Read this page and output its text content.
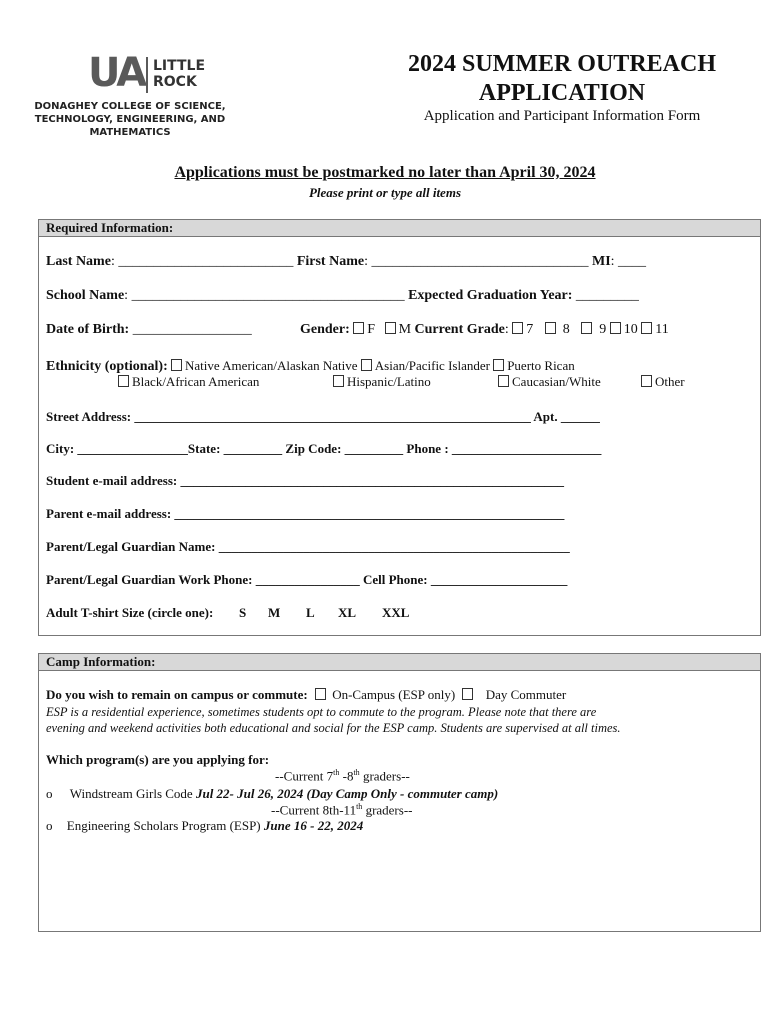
UA LITTLE
ROCK
DONAGHEY COLLEGE OF SCIENCE, TECHNOLOGY, ENGINEERING, AND MATHEMATICS
2024 SUMMER OUTREACH APPLICATION
Application and Participant Information Form
Applications must be postmarked no later than April 30, 2024
Please print or type all items
Required Information:
Last Name: _________________________ First Name: _______________________________ MI: ____
School Name: _______________________________________ Expected Graduation Year: _________
Date of Birth: _________________	Gender: F M Current Grade: 7 8 9 10 11
Ethnicity (optional): Native American/Alaskan Native Asian/Pacific Islander Puerto Rican
Black/African American	Hispanic/Latino	Caucasian/White	Other
Street Address: _____________________________________________________________ Apt. ______
City: _________________State: _________ Zip Code: _________ Phone : _______________________
Student e-mail address: ___________________________________________________________
Parent e-mail address: ____________________________________________________________
Parent/Legal Guardian Name: ______________________________________________________
Parent/Legal Guardian Work Phone: ________________ Cell Phone: _____________________
Adult T-shirt Size (circle one): S M L XL XXL
Camp Information:
Do you wish to remain on campus or commute: On-Campus (ESP only) Day Commuter
ESP is a residential experience, sometimes students opt to commute to the program. Please note that there are
evening and weekend activities both educational and social for the ESP camp. Students are supervised at all times.
Which program(s) are you applying for:
--Current 7th -8th graders--
o Windstream Girls Code Jul 22- Jul 26, 2024 (Day Camp Only - commuter camp)
--Current 8th-11th graders--
o Engineering Scholars Program (ESP) June 16 - 22, 2024
